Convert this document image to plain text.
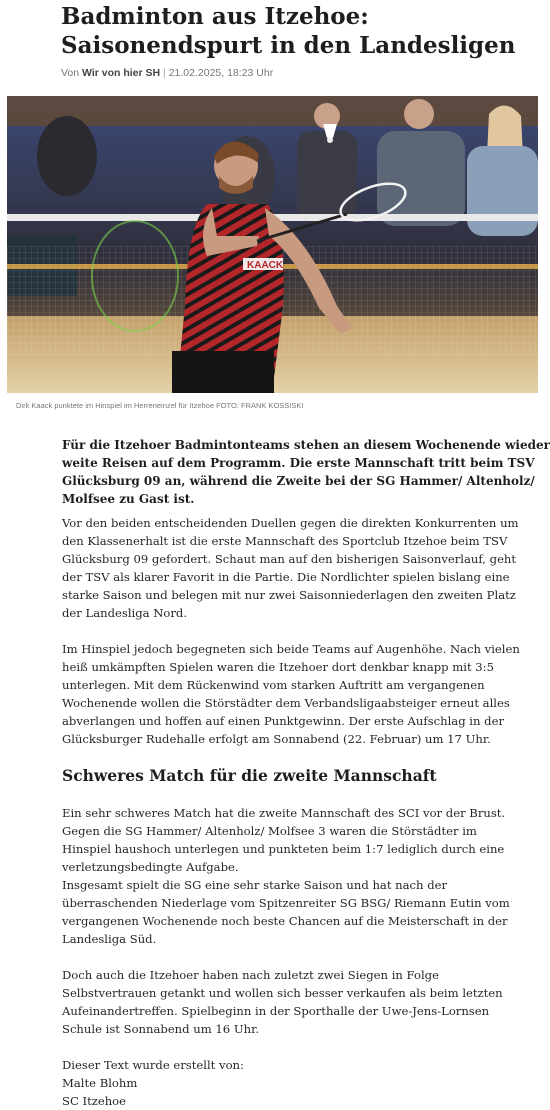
Badminton aus Itzehoe:
Saisonendspurt in den Landesligen
Von Wir von hier SH | 21.02.2025, 18:23 Uhr
KAACK
Dirk Kaack punktete im Hinspiel im Herreneinzel für Itzehoe FOTO: FRANK KOSSISKI

Für die Itzehoer Badmintonteams stehen an diesem Wochenende wieder
weite Reisen auf dem Programm. Die erste Mannschaft tritt beim TSV
Glücksburg 09 an, während die Zweite bei der SG Hammer/ Altenholz/
Molfsee zu Gast ist.

Vor den beiden entscheidenden Duellen gegen die direkten Konkurrenten um
den Klassenerhalt ist die erste Mannschaft des Sportclub Itzehoe beim TSV
Glücksburg 09 gefordert. Schaut man auf den bisherigen Saisonverlauf, geht
der TSV als klarer Favorit in die Partie. Die Nordlichter spielen bislang eine
starke Saison und belegen mit nur zwei Saisonniederlagen den zweiten Platz
der Landesliga Nord.

Im Hinspiel jedoch begegneten sich beide Teams auf Augenhöhe. Nach vielen
heiß umkämpften Spielen waren die Itzehoer dort denkbar knapp mit 3:5
unterlegen. Mit dem Rückenwind vom starken Auftritt am vergangenen
Wochenende wollen die Störstädter dem Verbandsligaabsteiger erneut alles
abverlangen und hoffen auf einen Punktgewinn. Der erste Aufschlag in der
Glücksburger Rudehalle erfolgt am Sonnabend (22. Februar) um 17 Uhr.

Schweres Match für die zweite Mannschaft

Ein sehr schweres Match hat die zweite Mannschaft des SCI vor der Brust.
Gegen die SG Hammer/ Altenholz/ Molfsee 3 waren die Störstädter im
Hinspiel haushoch unterlegen und punkteten beim 1:7 lediglich durch eine
verletzungsbedingte Aufgabe.
Insgesamt spielt die SG eine sehr starke Saison und hat nach der
überraschenden Niederlage vom Spitzenreiter SG BSG/ Riemann Eutin vom
vergangenen Wochenende noch beste Chancen auf die Meisterschaft in der
Landesliga Süd.

Doch auch die Itzehoer haben nach zuletzt zwei Siegen in Folge
Selbstvertrauen getankt und wollen sich besser verkaufen als beim letzten
Aufeinandertreffen. Spielbeginn in der Sporthalle der Uwe-Jens-Lornsen
Schule ist Sonnabend um 16 Uhr.

Dieser Text wurde erstellt von:
Malte Blohm
SC Itzehoe
